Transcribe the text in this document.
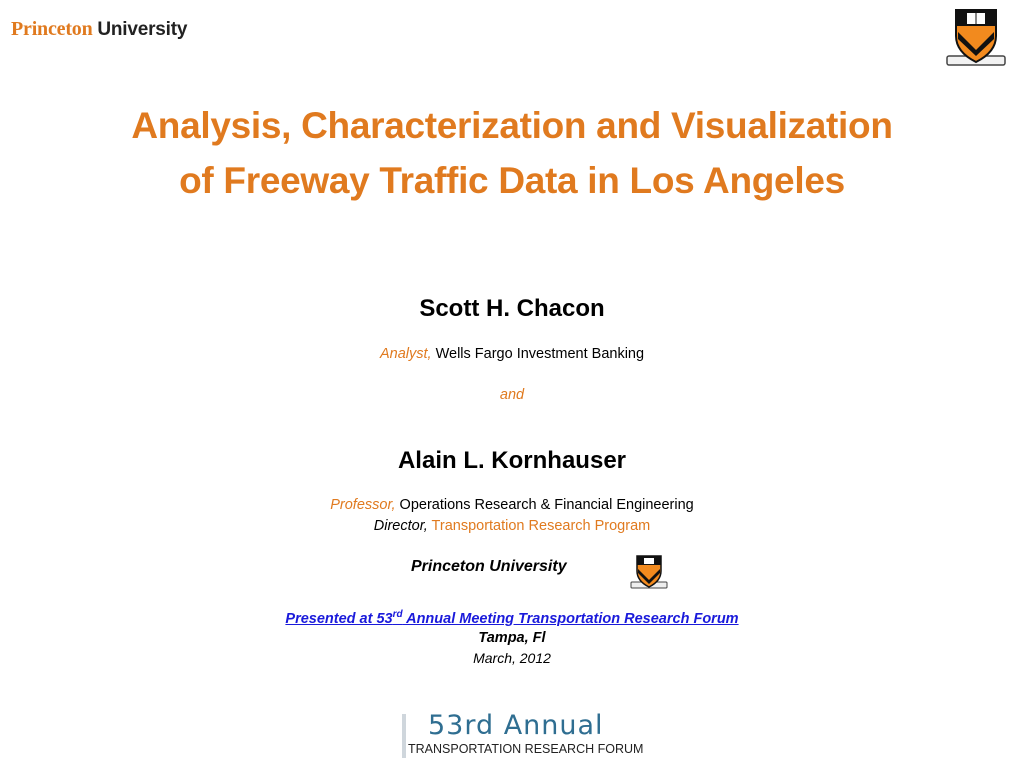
Princeton University
Analysis, Characterization and Visualization
of Freeway Traffic Data in Los Angeles
Scott H. Chacon
Analyst, Wells Fargo Investment Banking
and
Alain L. Kornhauser
Professor, Operations Research & Financial Engineering
Director, Transportation Research Program
Princeton University
Presented at 53rd Annual Meeting Transportation Research Forum
Tampa, Fl
March, 2012
53rd Annual
TRANSPORTATION RESEARCH FORUM
